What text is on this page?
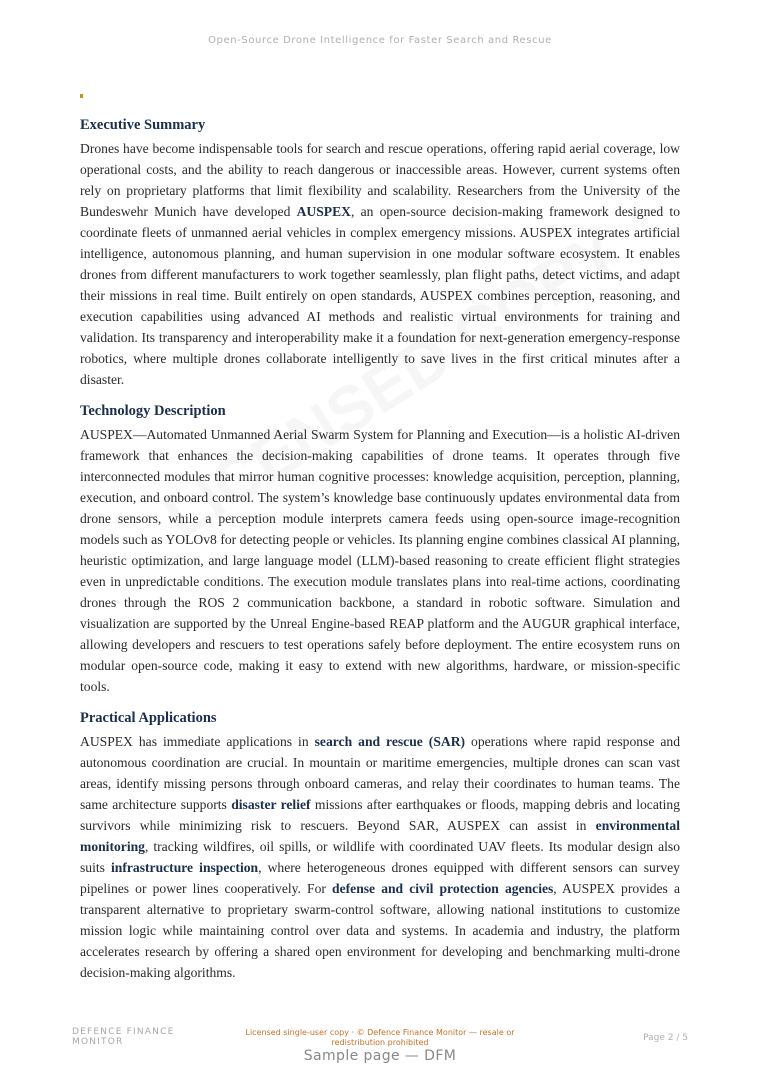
Open-Source Drone Intelligence for Faster Search and Rescue
Executive Summary

Drones have become indispensable tools for search and rescue operations, offering rapid aerial coverage, low operational costs, and the ability to reach dangerous or inaccessible areas. However, current systems often rely on proprietary platforms that limit flexibility and scalability. Researchers from the University of the Bundeswehr Munich have developed AUSPEX, an open-source decision-making framework designed to coordinate fleets of unmanned aerial vehicles in complex emergency missions. AUSPEX integrates artificial intelligence, autonomous planning, and human supervision in one modular software ecosystem. It enables drones from different manufacturers to work together seamlessly, plan flight paths, detect victims, and adapt their missions in real time. Built entirely on open standards, AUSPEX combines perception, reasoning, and execution capabilities using advanced AI methods and realistic virtual environments for training and validation. Its transparency and interoperability make it a foundation for next-generation emergency-response robotics, where multiple drones collaborate intelligently to save lives in the first critical minutes after a disaster.

Technology Description

AUSPEX—Automated Unmanned Aerial Swarm System for Planning and Execution—is a holistic AI-driven framework that enhances the decision-making capabilities of drone teams. It operates through five interconnected modules that mirror human cognitive processes: knowledge acquisition, perception, planning, execution, and onboard control. The system’s knowledge base continuously updates environmental data from drone sensors, while a perception module interprets camera feeds using open-source image-recognition models such as YOLOv8 for detecting people or vehicles. Its planning engine combines classical AI planning, heuristic optimization, and large language model (LLM)-based reasoning to create efficient flight strategies even in unpredictable conditions. The execution module translates plans into real-time actions, coordinating drones through the ROS 2 communication backbone, a standard in robotic software. Simulation and visualization are supported by the Unreal Engine-based REAP platform and the AUGUR graphical interface, allowing developers and rescuers to test operations safely before deployment. The entire ecosystem runs on modular open-source code, making it easy to extend with new algorithms, hardware, or mission-specific tools.

Practical Applications

AUSPEX has immediate applications in search and rescue (SAR) operations where rapid response and autonomous coordination are crucial. In mountain or maritime emergencies, multiple drones can scan vast areas, identify missing persons through onboard cameras, and relay their coordinates to human teams. The same architecture supports disaster relief missions after earthquakes or floods, mapping debris and locating survivors while minimizing risk to rescuers. Beyond SAR, AUSPEX can assist in environmental monitoring, tracking wildfires, oil spills, or wildlife with coordinated UAV fleets. Its modular design also suits infrastructure inspection, where heterogeneous drones equipped with different sensors can survey pipelines or power lines cooperatively. For defense and civil protection agencies, AUSPEX provides a transparent alternative to proprietary swarm-control software, allowing national institutions to customize mission logic while maintaining control over data and systems. In academia and industry, the platform accelerates research by offering a shared open environment for developing and benchmarking multi-drone decision-making algorithms.

DEFENCE FINANCE
MONITOR
Licensed single-user copy · © Defence Finance Monitor — resale or redistribution prohibited	Page 2 / 5
Sample page — DFM
